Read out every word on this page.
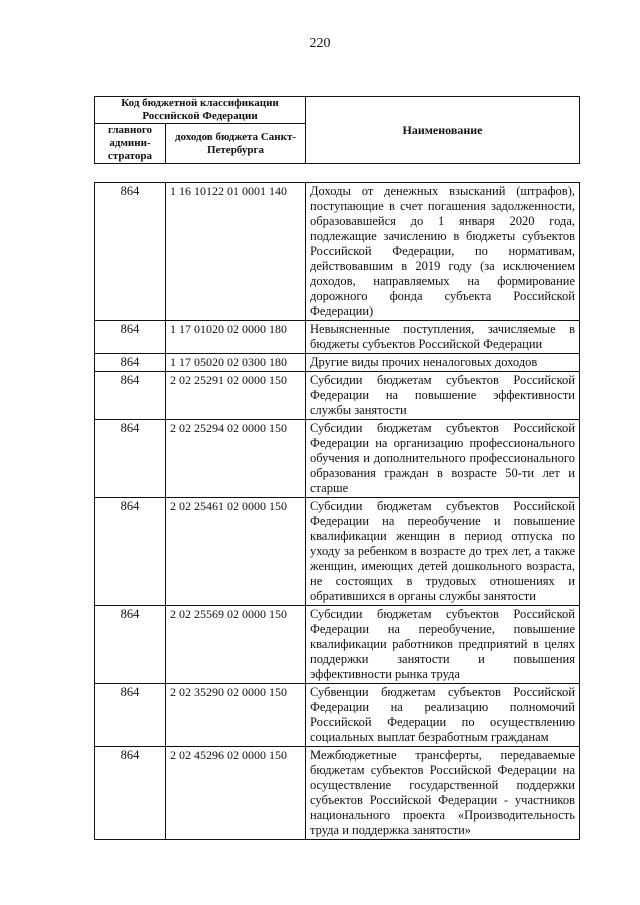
220
Код бюджетной классификации Российской Федерации		Наименование
главного админи-стратора	доходов бюджета Санкт-Петербурга	
864	1 16 10122 01 0001 140	Доходы от денежных взысканий (штрафов), поступающие в счет погашения задолженности, образовавшейся до 1 января 2020 года, подлежащие зачислению в бюджеты субъектов Российской Федерации, по нормативам, действовавшим в 2019 году (за исключением доходов, направляемых на формирование дорожного фонда субъекта Российской Федерации)
864	1 17 01020 02 0000 180	Невыясненные поступления, зачисляемые в бюджеты субъектов Российской Федерации
864	1 17 05020 02 0300 180	Другие виды прочих неналоговых доходов
864	2 02 25291 02 0000 150	Субсидии бюджетам субъектов Российской Федерации на повышение эффективности службы занятости
864	2 02 25294 02 0000 150	Субсидии бюджетам субъектов Российской Федерации на организацию профессионального обучения и дополнительного профессионального образования граждан в возрасте 50-ти лет и старше
864	2 02 25461 02 0000 150	Субсидии бюджетам субъектов Российской Федерации на переобучение и повышение квалификации женщин в период отпуска по уходу за ребенком в возрасте до трех лет, а также женщин, имеющих детей дошкольного возраста, не состоящих в трудовых отношениях и обратившихся в органы службы занятости
864	2 02 25569 02 0000 150	Субсидии бюджетам субъектов Российской Федерации на переобучение, повышение квалификации работников предприятий в целях поддержки занятости и повышения эффективности рынка труда
864	2 02 35290 02 0000 150	Субвенции бюджетам субъектов Российской Федерации на реализацию полномочий Российской Федерации по осуществлению социальных выплат безработным гражданам
864	2 02 45296 02 0000 150	Межбюджетные трансферты, передаваемые бюджетам субъектов Российской Федерации на осуществление государственной поддержки субъектов Российской Федерации - участников национального проекта «Производительность труда и поддержка занятости»
